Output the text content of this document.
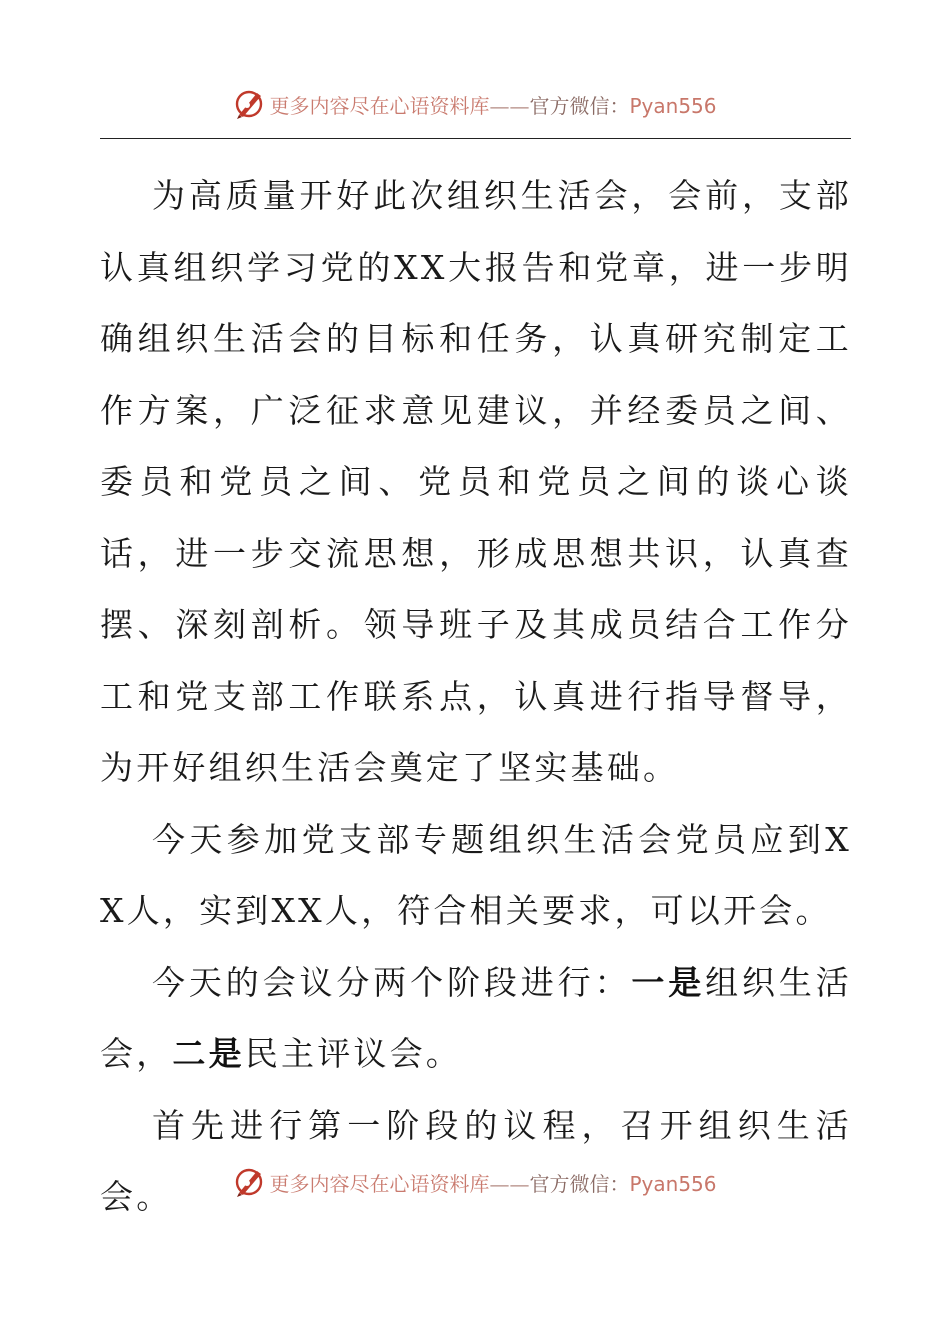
更多内容尽在心语资料库——官方微信：Pyan556

为高质量开好此次组织生活会，会前，支部认真组织学习党的XX大报告和党章，进一步明确组织生活会的目标和任务，认真研究制定工作方案，广泛征求意见建议，并经委员之间、委员和党员之间、党员和党员之间的谈心谈话，进一步交流思想，形成思想共识，认真查摆、深刻剖析。领导班子及其成员结合工作分工和党支部工作联系点，认真进行指导督导，为开好组织生活会奠定了坚实基础。

今天参加党支部专题组织生活会党员应到XX人，实到XX人，符合相关要求，可以开会。

今天的会议分两个阶段进行：一是组织生活会，二是民主评议会。

首先进行第一阶段的议程，召开组织生活会。	更多内容尽在心语资料库——官方微信：Pyan556
